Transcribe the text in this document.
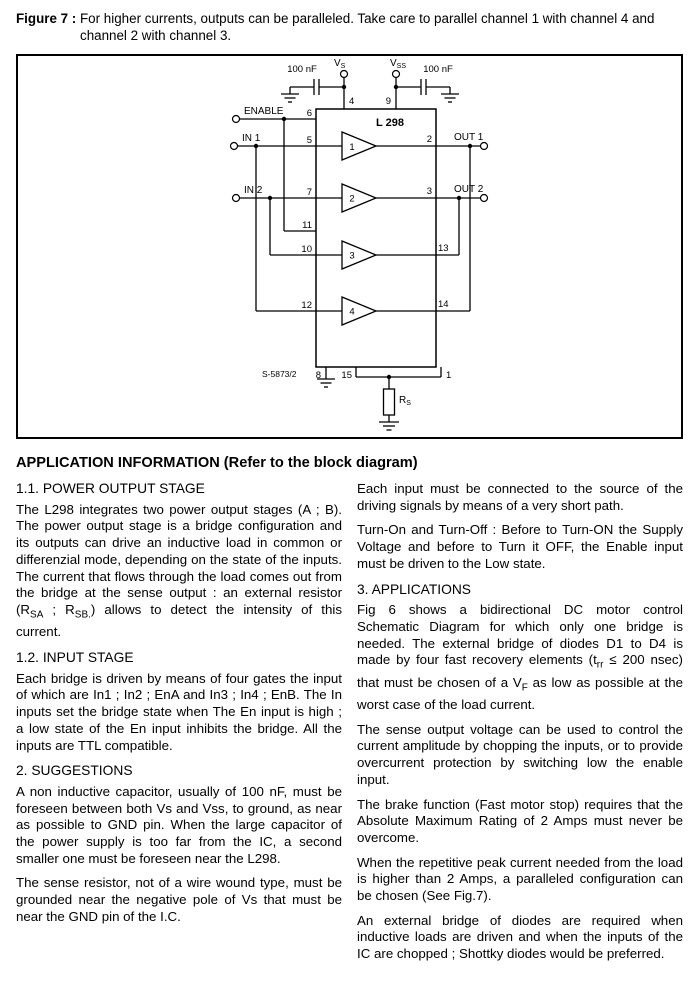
Figure 7 : For higher currents, outputs can be paralleled. Take care to parallel channel 1 with channel 4 and channel 2 with channel 3.
L 298
$V_S$	$V_{SS}$
4	9
100 nF	100 nF
ENABLE
IN 1
IN 2
6
5
7
11
10
12
1
2
3
4
OUT 1
OUT 2
2
3
13
14
8 15	1
$R_S$
S-5873/2
APPLICATION INFORMATION (Refer to the block diagram)
1.1. POWER OUTPUT STAGE

The L298 integrates two power output stages (A ; B). The power output stage is a bridge configuration and its outputs can drive an inductive load in common or differenzial mode, depending on the state of the inputs. The current that flows through the load comes out from the bridge at the sense output : an external resistor ($R_{SA}$ ; $R_{SB.}$) allows to detect the intensity of this current.

1.2. INPUT STAGE

Each bridge is driven by means of four gates the input of which are In1 ; In2 ; EnA and In3 ; In4 ; EnB. The In inputs set the bridge state when The En input is high ; a low state of the En input inhibits the bridge. All the inputs are TTL compatible.

2. SUGGESTIONS

A non inductive capacitor, usually of 100 nF, must be foreseen between both Vs and Vss, to ground, as near as possible to GND pin. When the large capacitor of the power supply is too far from the IC, a second smaller one must be foreseen near the L298.

The sense resistor, not of a wire wound type, must be grounded near the negative pole of Vs that must be near the GND pin of the I.C.

Each input must be connected to the source of the driving signals by means of a very short path.

Turn-On and Turn-Off : Before to Turn-ON the Supply Voltage and before to Turn it OFF, the Enable input must be driven to the Low state.

3. APPLICATIONS

Fig 6 shows a bidirectional DC motor control Schematic Diagram for which only one bridge is needed. The external bridge of diodes D1 to D4 is made by four fast recovery elements ($t_{rr} \le 200$ nsec) that must be chosen of a $V_F$ as low as possible at the worst case of the load current.

The sense output voltage can be used to control the current amplitude by chopping the inputs, or to provide overcurrent protection by switching low the enable input.

The brake function (Fast motor stop) requires that the Absolute Maximum Rating of 2 Amps must never be overcome.

When the repetitive peak current needed from the load is higher than 2 Amps, a paralleled configuration can be chosen (See Fig.7).

An external bridge of diodes are required when inductive loads are driven and when the inputs of the IC are chopped ; Shottky diodes would be preferred.
